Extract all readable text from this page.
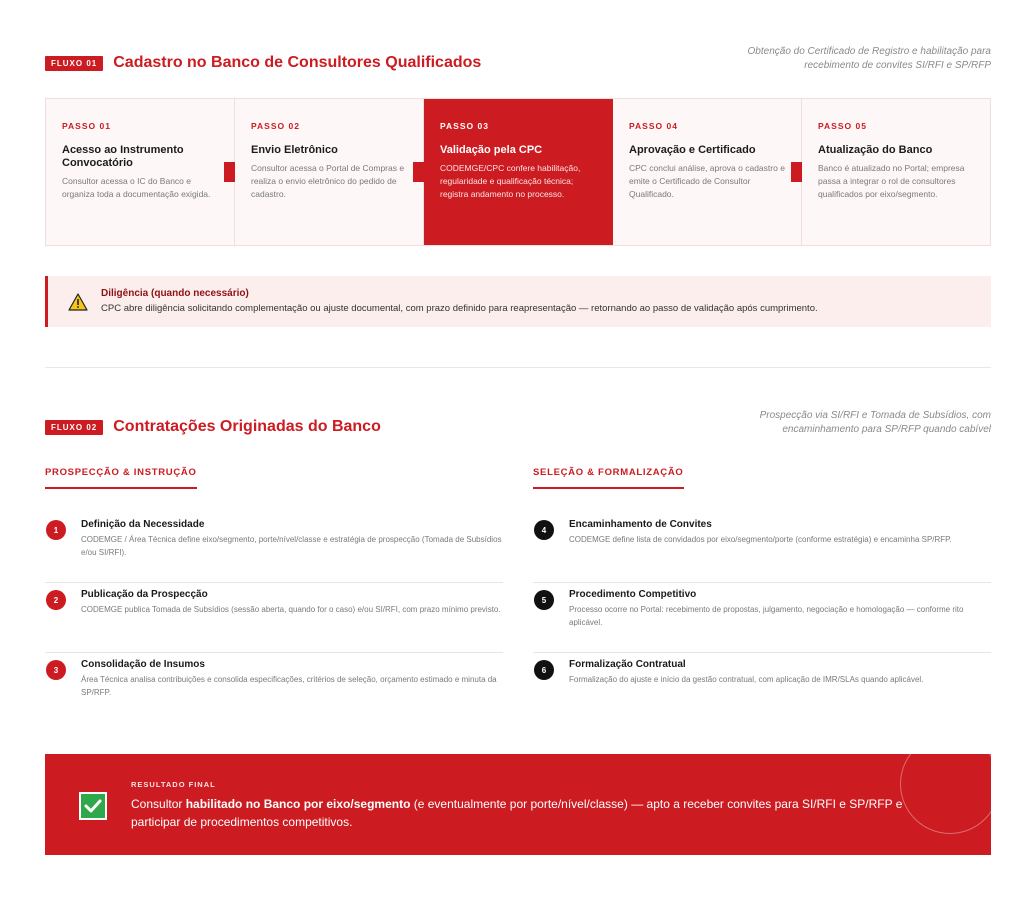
FLUXO 01	Cadastro no Banco de Consultores Qualificados
Obtenção do Certificado de Registro e habilitação para recebimento de convites SI/RFI e SP/RFP
PASSO 01
Acesso ao Instrumento Convocatório
Consultor acessa o IC do Banco e organiza toda a documentação exigida.
PASSO 02
Envio Eletrônico
Consultor acessa o Portal de Compras e realiza o envio eletrônico do pedido de cadastro.
PASSO 03
Validação pela CPC
CODEMGE/CPC confere habilitação, regularidade e qualificação técnica; registra andamento no processo.
PASSO 04
Aprovação e Certificado
CPC conclui análise, aprova o cadastro e emite o Certificado de Consultor Qualificado.
PASSO 05
Atualização do Banco
Banco é atualizado no Portal; empresa passa a integrar o rol de consultores qualificados por eixo/segmento.
Diligência (quando necessário)
CPC abre diligência solicitando complementação ou ajuste documental, com prazo definido para reapresentação — retornando ao passo de validação após cumprimento.
FLUXO 02	Contratações Originadas do Banco
Prospecção via SI/RFI e Tomada de Subsídios, com encaminhamento para SP/RFP quando cabível
PROSPECÇÃO & INSTRUÇÃO
1	Definição da Necessidade
CODEMGE / Área Técnica define eixo/segmento, porte/nível/classe e estratégia de prospecção (Tomada de Subsídios e/ou SI/RFI).
2	Publicação da Prospecção
CODEMGE publica Tomada de Subsídios (sessão aberta, quando for o caso) e/ou SI/RFI, com prazo mínimo previsto.
3	Consolidação de Insumos
Área Técnica analisa contribuições e consolida especificações, critérios de seleção, orçamento estimado e minuta da SP/RFP.
SELEÇÃO & FORMALIZAÇÃO
4	Encaminhamento de Convites
CODEMGE define lista de convidados por eixo/segmento/porte (conforme estratégia) e encaminha SP/RFP.
5	Procedimento Competitivo
Processo ocorre no Portal: recebimento de propostas, julgamento, negociação e homologação — conforme rito aplicável.
6	Formalização Contratual
Formalização do ajuste e início da gestão contratual, com aplicação de IMR/SLAs quando aplicável.
RESULTADO FINAL
Consultor habilitado no Banco por eixo/segmento (e eventualmente por porte/nível/classe) — apto a receber convites para SI/RFI e SP/RFP e participar de procedimentos competitivos.
